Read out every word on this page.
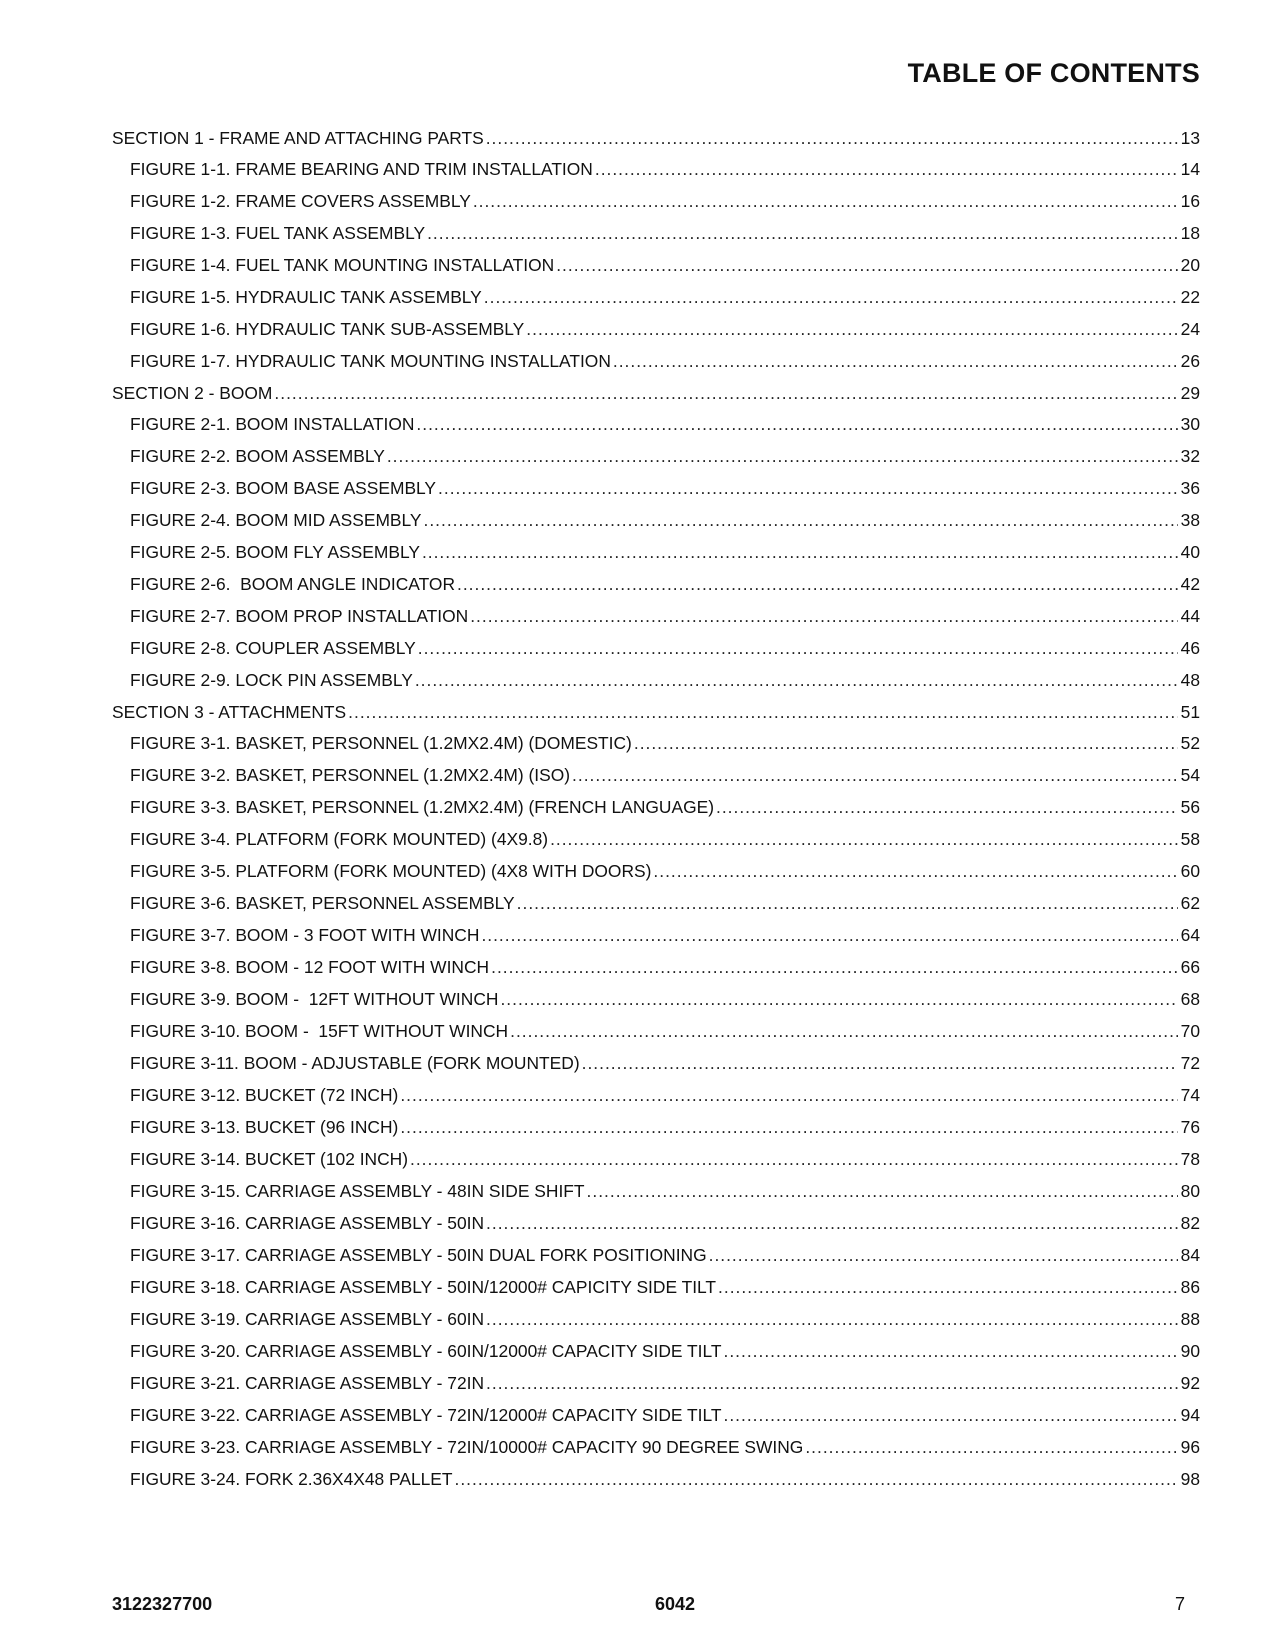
TABLE OF CONTENTS
SECTION 1 - FRAME AND ATTACHING PARTS .....	13
FIGURE 1-1. FRAME BEARING AND TRIM INSTALLATION .....	14
FIGURE 1-2. FRAME COVERS ASSEMBLY .....	16
FIGURE 1-3. FUEL TANK ASSEMBLY .....	18
FIGURE 1-4. FUEL TANK MOUNTING INSTALLATION .....	20
FIGURE 1-5. HYDRAULIC TANK ASSEMBLY .....	22
FIGURE 1-6. HYDRAULIC TANK SUB-ASSEMBLY .....	24
FIGURE 1-7. HYDRAULIC TANK MOUNTING INSTALLATION .....	26
SECTION 2 - BOOM .....	29
FIGURE 2-1. BOOM INSTALLATION .....	30
FIGURE 2-2. BOOM ASSEMBLY .....	32
FIGURE 2-3. BOOM BASE ASSEMBLY .....	36
FIGURE 2-4. BOOM MID ASSEMBLY .....	38
FIGURE 2-5. BOOM FLY ASSEMBLY .....	40
FIGURE 2-6.  BOOM ANGLE INDICATOR .....	42
FIGURE 2-7. BOOM PROP INSTALLATION .....	44
FIGURE 2-8. COUPLER ASSEMBLY .....	46
FIGURE 2-9. LOCK PIN ASSEMBLY .....	48
SECTION 3 - ATTACHMENTS .....	51
FIGURE 3-1. BASKET, PERSONNEL (1.2MX2.4M) (DOMESTIC) .....	52
FIGURE 3-2. BASKET, PERSONNEL (1.2MX2.4M) (ISO) .....	54
FIGURE 3-3. BASKET, PERSONNEL (1.2MX2.4M) (FRENCH LANGUAGE) .....	56
FIGURE 3-4. PLATFORM (FORK MOUNTED) (4X9.8) .....	58
FIGURE 3-5. PLATFORM (FORK MOUNTED) (4X8 WITH DOORS) .....	60
FIGURE 3-6. BASKET, PERSONNEL ASSEMBLY .....	62
FIGURE 3-7. BOOM - 3 FOOT WITH WINCH .....	64
FIGURE 3-8. BOOM - 12 FOOT WITH WINCH .....	66
FIGURE 3-9. BOOM -  12FT WITHOUT WINCH .....	68
FIGURE 3-10. BOOM -  15FT WITHOUT WINCH .....	70
FIGURE 3-11. BOOM - ADJUSTABLE (FORK MOUNTED) .....	72
FIGURE 3-12. BUCKET (72 INCH) .....	74
FIGURE 3-13. BUCKET (96 INCH) .....	76
FIGURE 3-14. BUCKET (102 INCH) .....	78
FIGURE 3-15. CARRIAGE ASSEMBLY - 48IN SIDE SHIFT .....	80
FIGURE 3-16. CARRIAGE ASSEMBLY - 50IN .....	82
FIGURE 3-17. CARRIAGE ASSEMBLY - 50IN DUAL FORK POSITIONING .....	84
FIGURE 3-18. CARRIAGE ASSEMBLY - 50IN/12000# CAPICITY SIDE TILT .....	86
FIGURE 3-19. CARRIAGE ASSEMBLY - 60IN .....	88
FIGURE 3-20. CARRIAGE ASSEMBLY - 60IN/12000# CAPACITY SIDE TILT .....	90
FIGURE 3-21. CARRIAGE ASSEMBLY - 72IN .....	92
FIGURE 3-22. CARRIAGE ASSEMBLY - 72IN/12000# CAPACITY SIDE TILT .....	94
FIGURE 3-23. CARRIAGE ASSEMBLY - 72IN/10000# CAPACITY 90 DEGREE SWING .....	96
FIGURE 3-24. FORK 2.36X4X48 PALLET .....	98
3122327700	6042	7
